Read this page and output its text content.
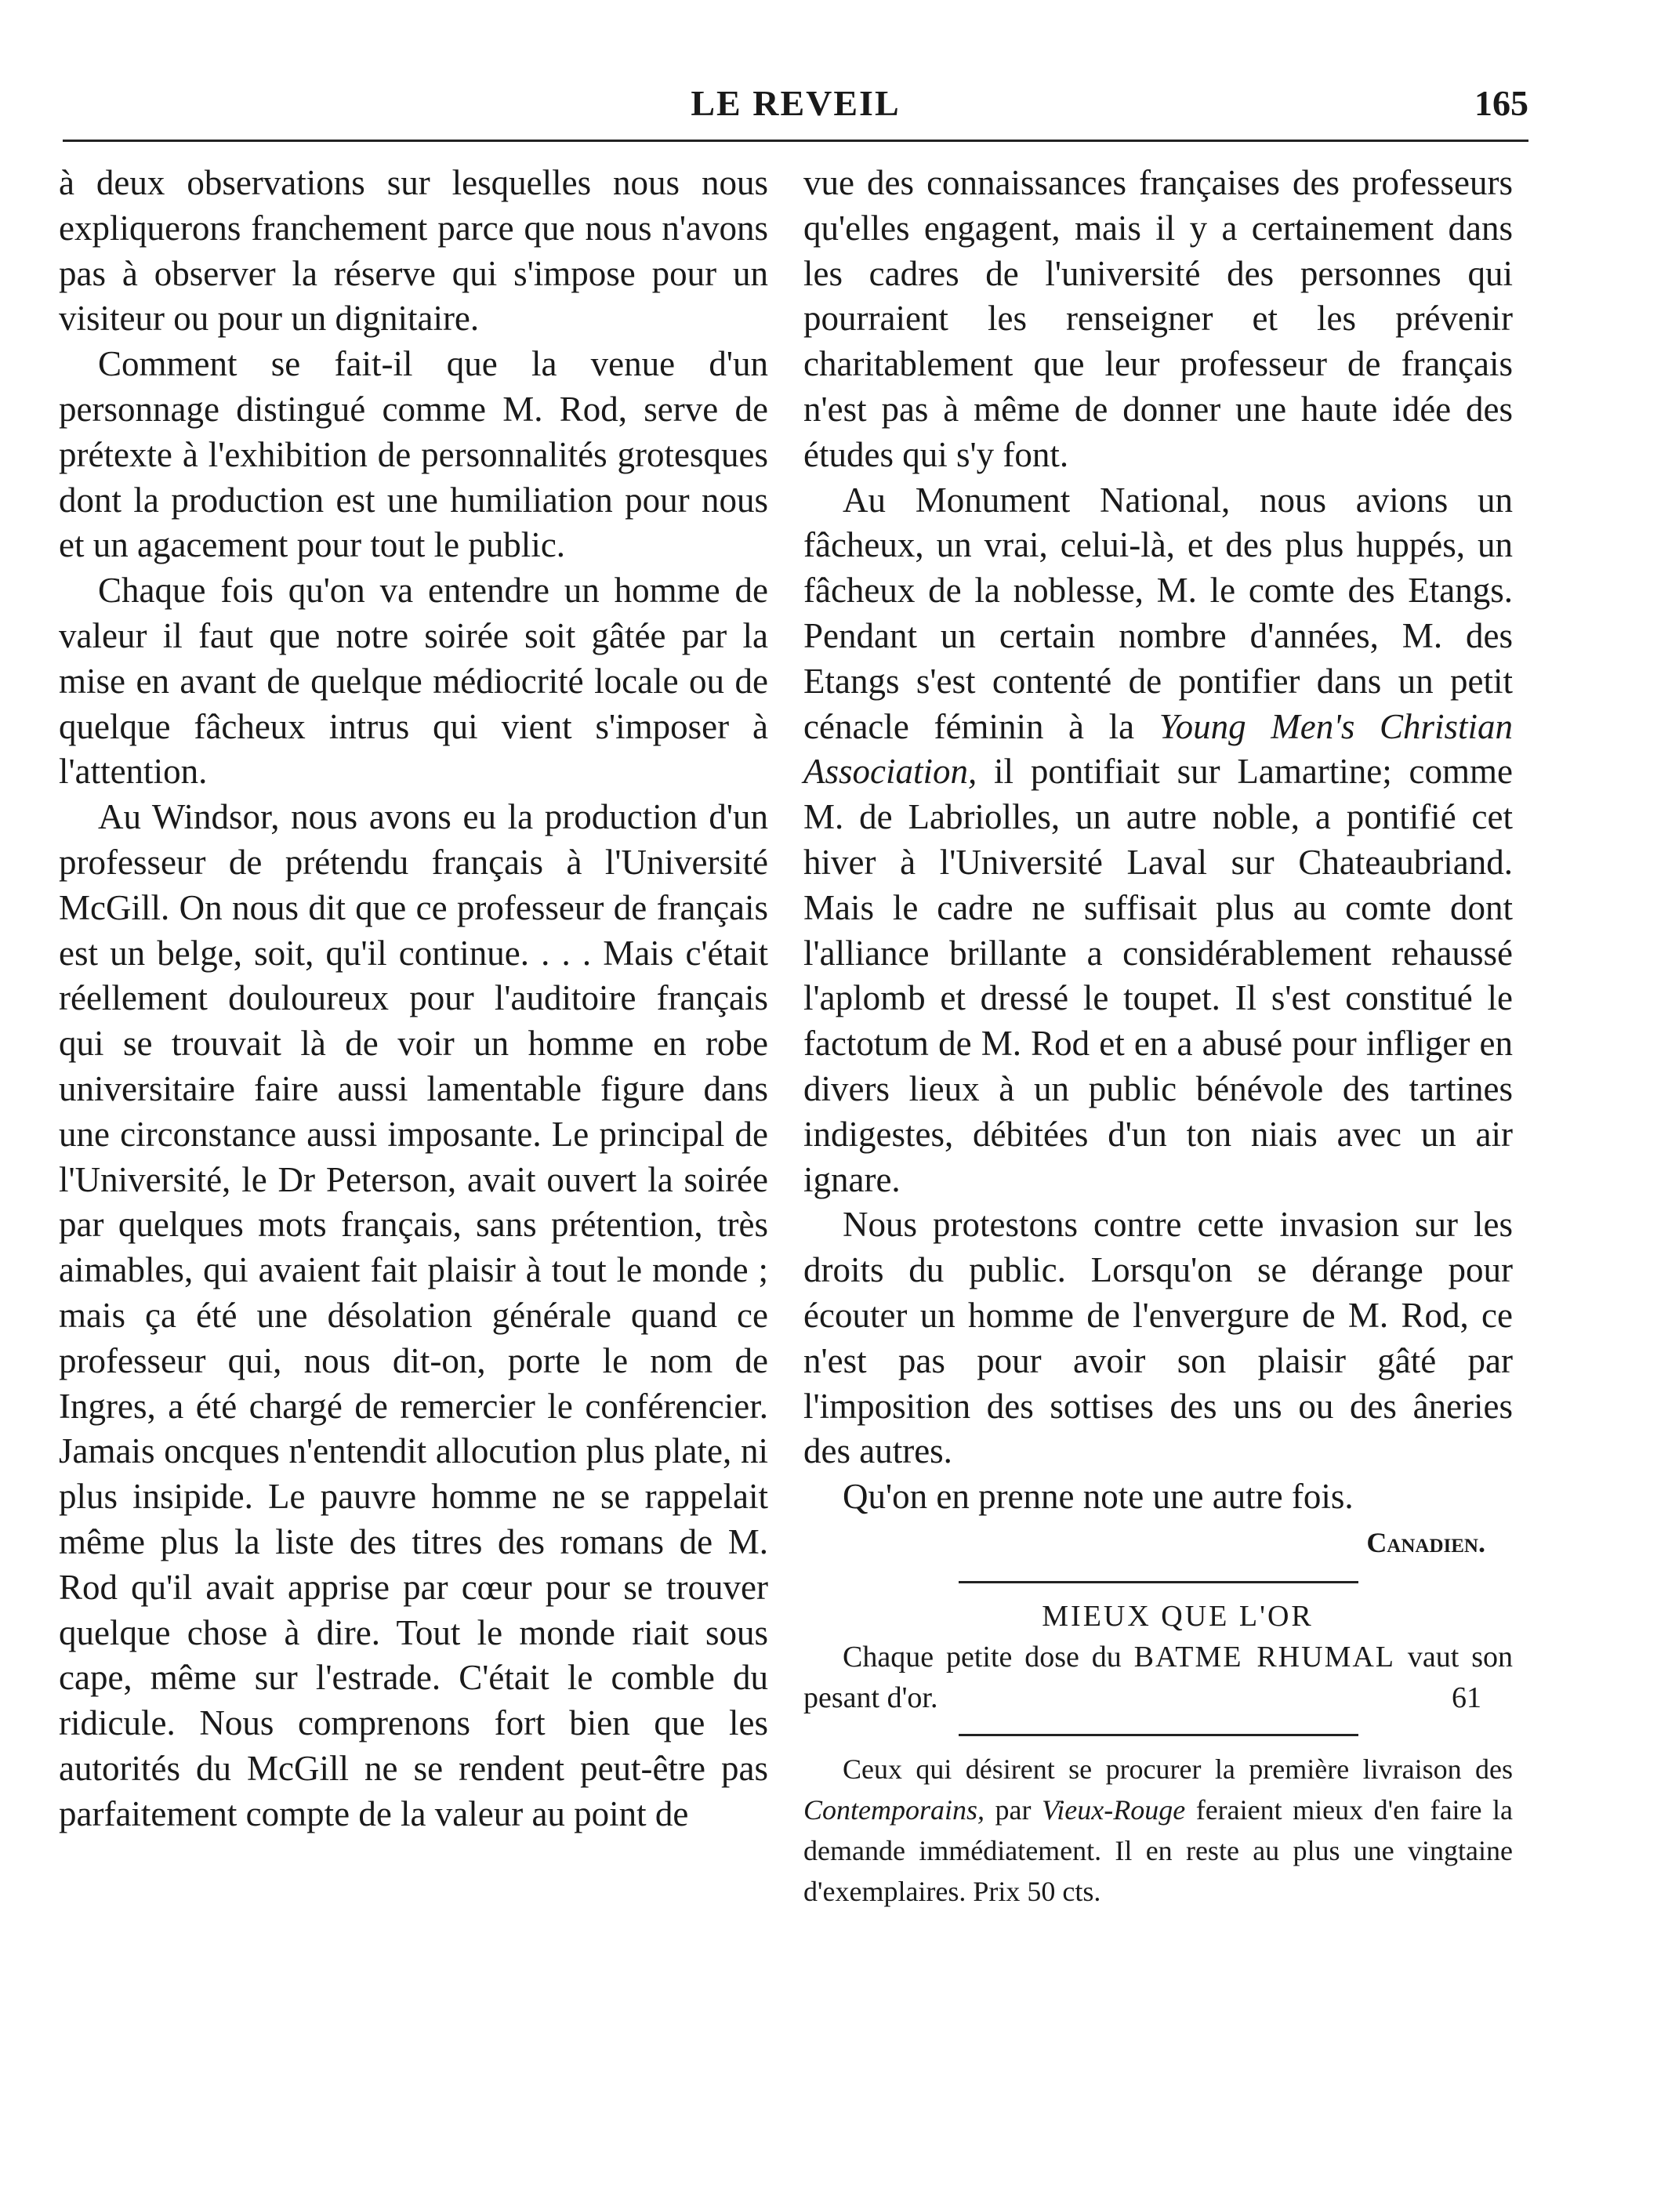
LE REVEIL	165

à deux observations sur lesquelles nous nous expliquerons franchement parce que nous n'avons pas à observer la réserve qui s'impose pour un visiteur ou pour un dignitaire.

Comment se fait-il que la venue d'un personnage distingué comme M. Rod, serve de prétexte à l'exhibition de personnalités grotesques dont la production est une humiliation pour nous et un agacement pour tout le public.

Chaque fois qu'on va entendre un homme de valeur il faut que notre soirée soit gâtée par la mise en avant de quelque médiocrité locale ou de quelque fâcheux intrus qui vient s'imposer à l'attention.

Au Windsor, nous avons eu la production d'un professeur de prétendu français à l'Université McGill. On nous dit que ce professeur de français est un belge, soit, qu'il continue. . . . Mais c'était réellement douloureux pour l'auditoire français qui se trouvait là de voir un homme en robe universitaire faire aussi lamentable figure dans une circonstance aussi imposante. Le principal de l'Université, le Dr Peterson, avait ouvert la soirée par quelques mots français, sans prétention, très aimables, qui avaient fait plaisir à tout le monde ; mais ça été une désolation générale quand ce professeur qui, nous dit-on, porte le nom de Ingres, a été chargé de remercier le conférencier. Jamais oncques n'entendit allocution plus plate, ni plus insipide. Le pauvre homme ne se rappelait même plus la liste des titres des romans de M. Rod qu'il avait apprise par cœur pour se trouver quelque chose à dire. Tout le monde riait sous cape, même sur l'estrade. C'était le comble du ridicule. Nous comprenons fort bien que les autorités du McGill ne se rendent peut-être pas parfaitement compte de la valeur au point de

vue des connaissances françaises des professeurs qu'elles engagent, mais il y a certainement dans les cadres de l'université des personnes qui pourraient les renseigner et les prévenir charitablement que leur professeur de français n'est pas à même de donner une haute idée des études qui s'y font.

Au Monument National, nous avions un fâcheux, un vrai, celui-là, et des plus huppés, un fâcheux de la noblesse, M. le comte des Etangs. Pendant un certain nombre d'années, M. des Etangs s'est contenté de pontifier dans un petit cénacle féminin à la Young Men's Christian Association, il pontifiait sur Lamartine; comme M. de Labriolles, un autre noble, a pontifié cet hiver à l'Université Laval sur Chateaubriand. Mais le cadre ne suffisait plus au comte dont l'alliance brillante a considérablement rehaussé l'aplomb et dressé le toupet. Il s'est constitué le factotum de M. Rod et en a abusé pour infliger en divers lieux à un public bénévole des tartines indigestes, débitées d'un ton niais avec un air ignare.

Nous protestons contre cette invasion sur les droits du public. Lorsqu'on se dérange pour écouter un homme de l'envergure de M. Rod, ce n'est pas pour avoir son plaisir gâté par l'imposition des sottises des uns ou des âneries des autres.

Qu'on en prenne note une autre fois.

Canadien.

MIEUX QUE L'OR

Chaque petite dose du BATME RHUMAL vaut son pesant d'or.	61

Ceux qui désirent se procurer la première livraison des Contemporains, par Vieux-Rouge feraient mieux d'en faire la demande immédiatement. Il en reste au plus une vingtaine d'exemplaires. Prix 50 cts.
